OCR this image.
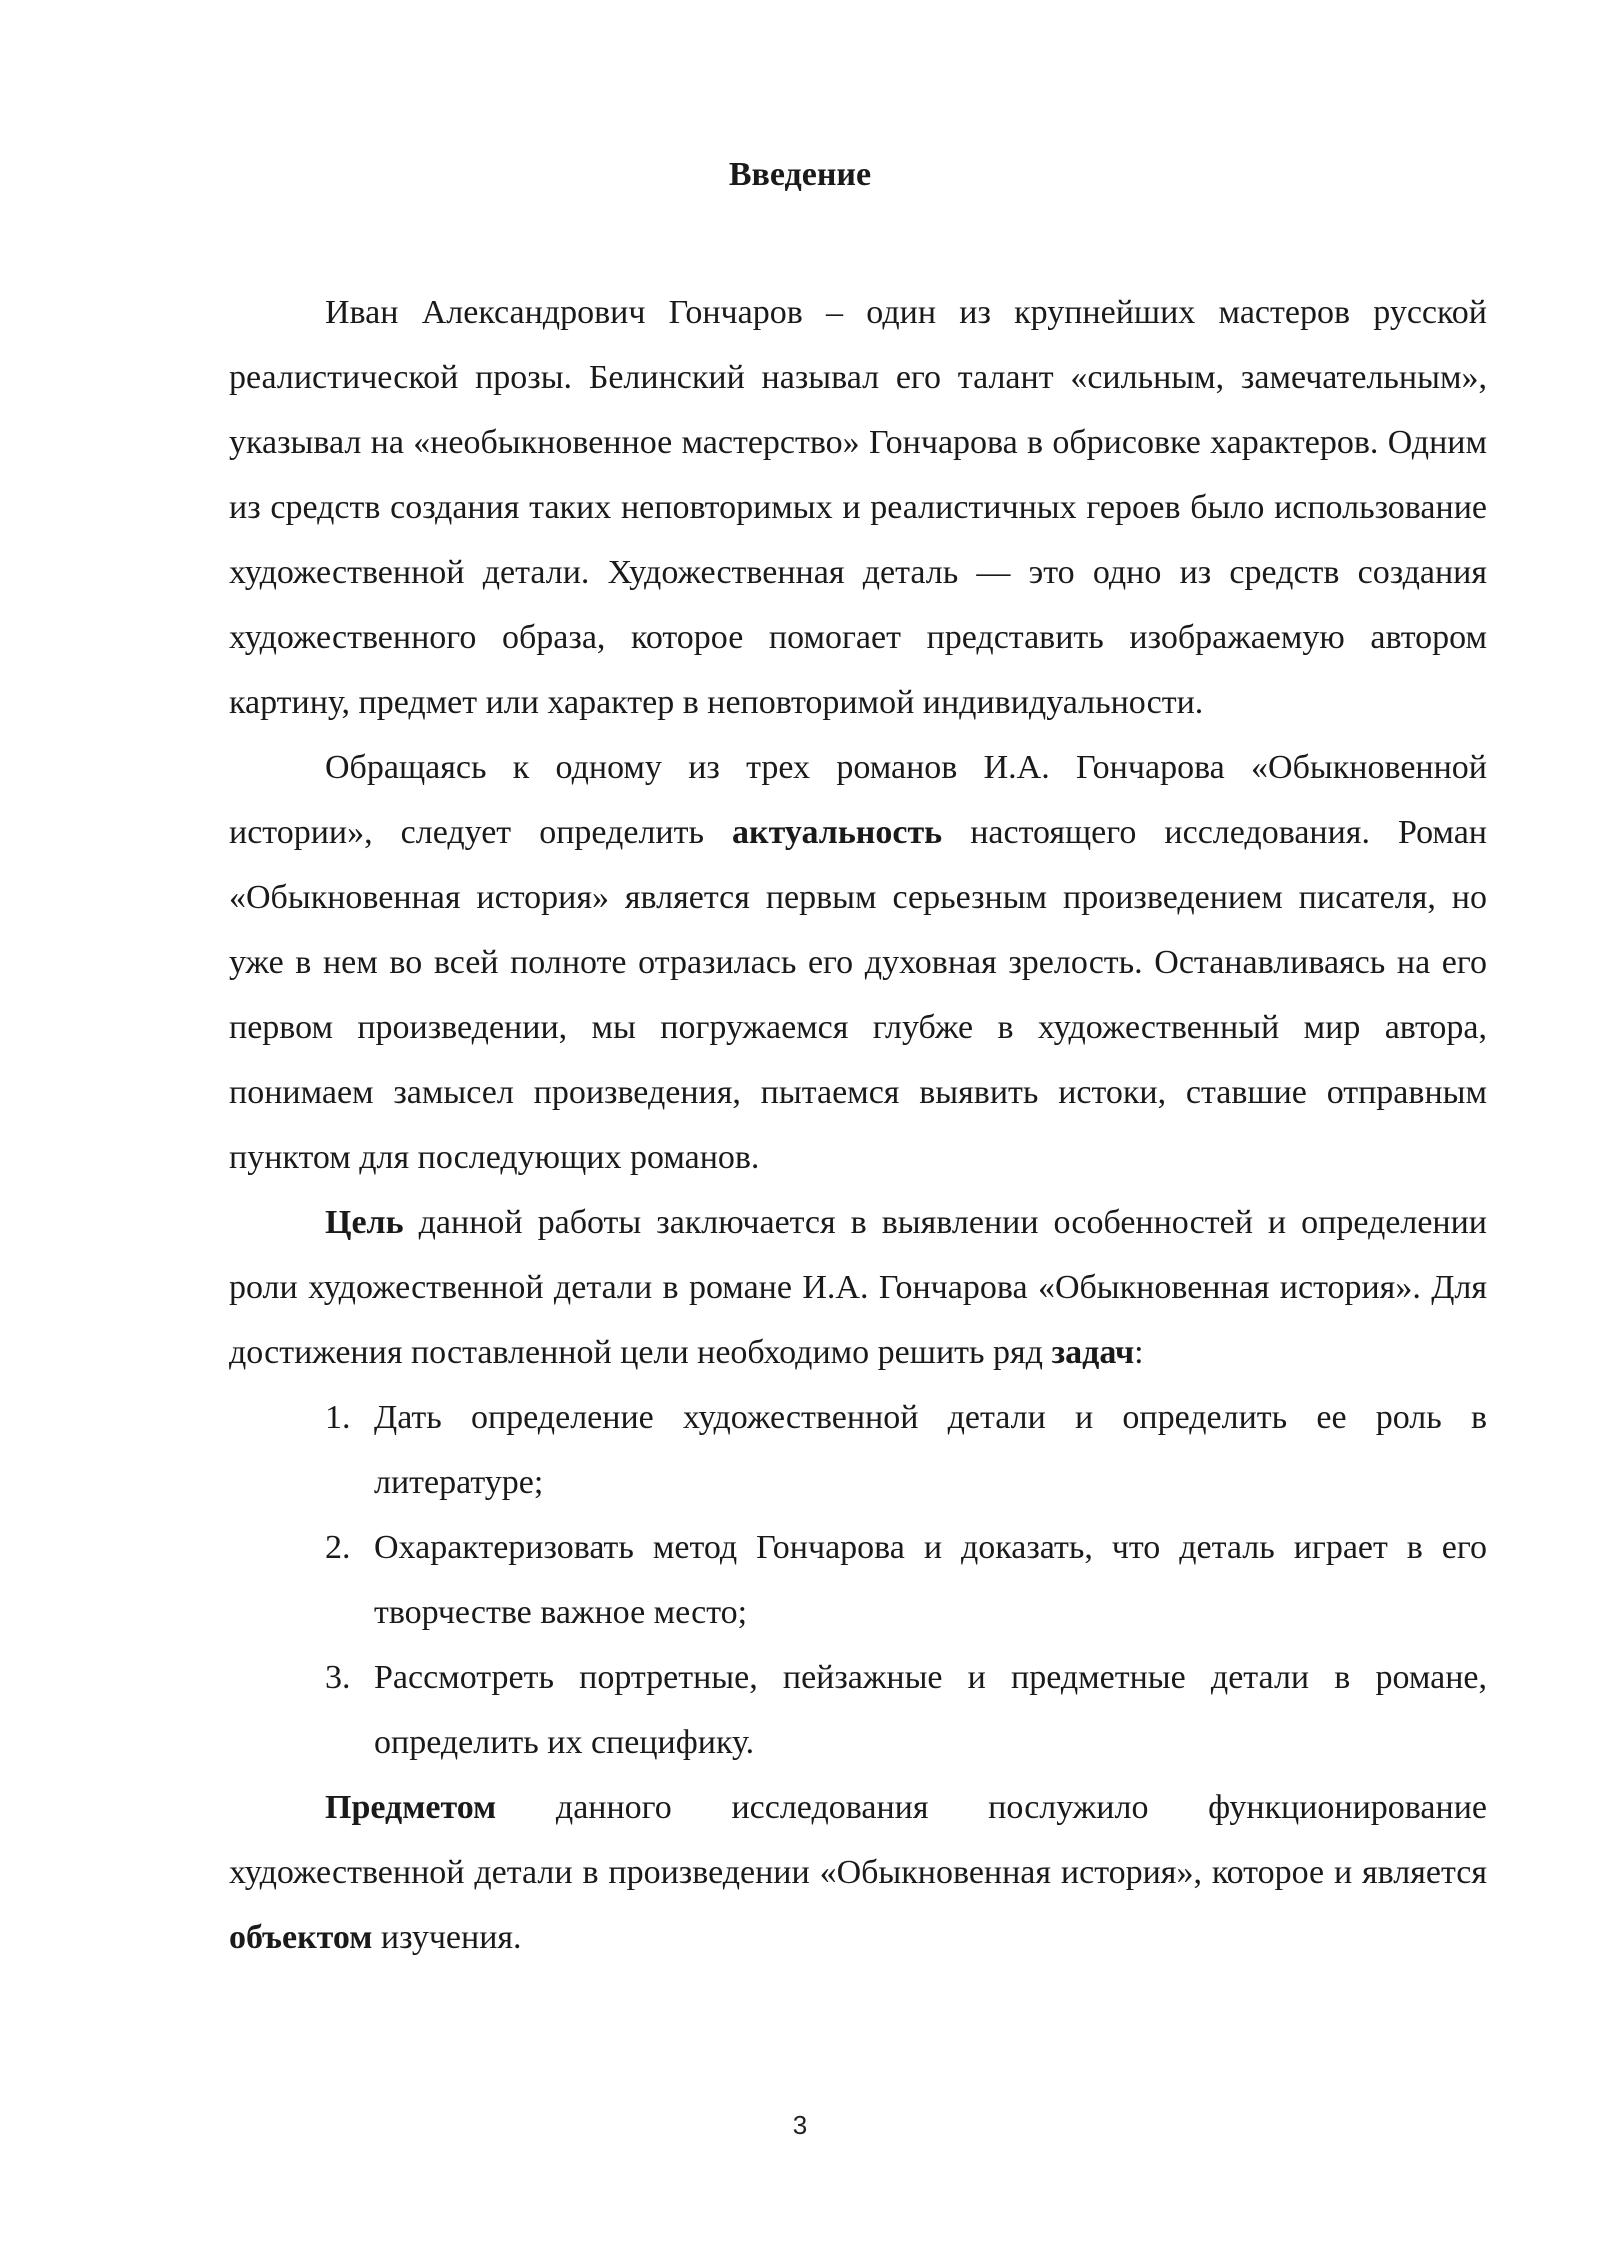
Введение

Иван Александрович Гончаров – один из крупнейших мастеров русской реалистической прозы. Белинский называл его талант «сильным, замечательным», указывал на «необыкновенное мастерство» Гончарова в обрисовке характеров. Одним из средств создания таких неповторимых и реалистичных героев было использование художественной детали. Художественная деталь — это одно из средств создания художественного образа, которое помогает представить изображаемую автором картину, предмет или характер в неповторимой индивидуальности.

Обращаясь к одному из трех романов И.А. Гончарова «Обыкновенной истории», следует определить актуальность настоящего исследования. Роман «Обыкновенная история» является первым серьезным произведением писателя, но уже в нем во всей полноте отразилась его духовная зрелость. Останавливаясь на его первом произведении, мы погружаемся глубже в художественный мир автора, понимаем замысел произведения, пытаемся выявить истоки, ставшие отправным пунктом для последующих романов.

Цель данной работы заключается в выявлении особенностей и определении роли художественной детали в романе И.А. Гончарова «Обыкновенная история». Для достижения поставленной цели необходимо решить ряд задач:

1. Дать определение художественной детали и определить ее роль в литературе;
2. Охарактеризовать метод Гончарова и доказать, что деталь играет в его творчестве важное место;
3. Рассмотреть портретные, пейзажные и предметные детали в романе, определить их специфику.

Предметом данного исследования послужило функционирование художественной детали в произведении «Обыкновенная история», которое и является объектом изучения.

3
